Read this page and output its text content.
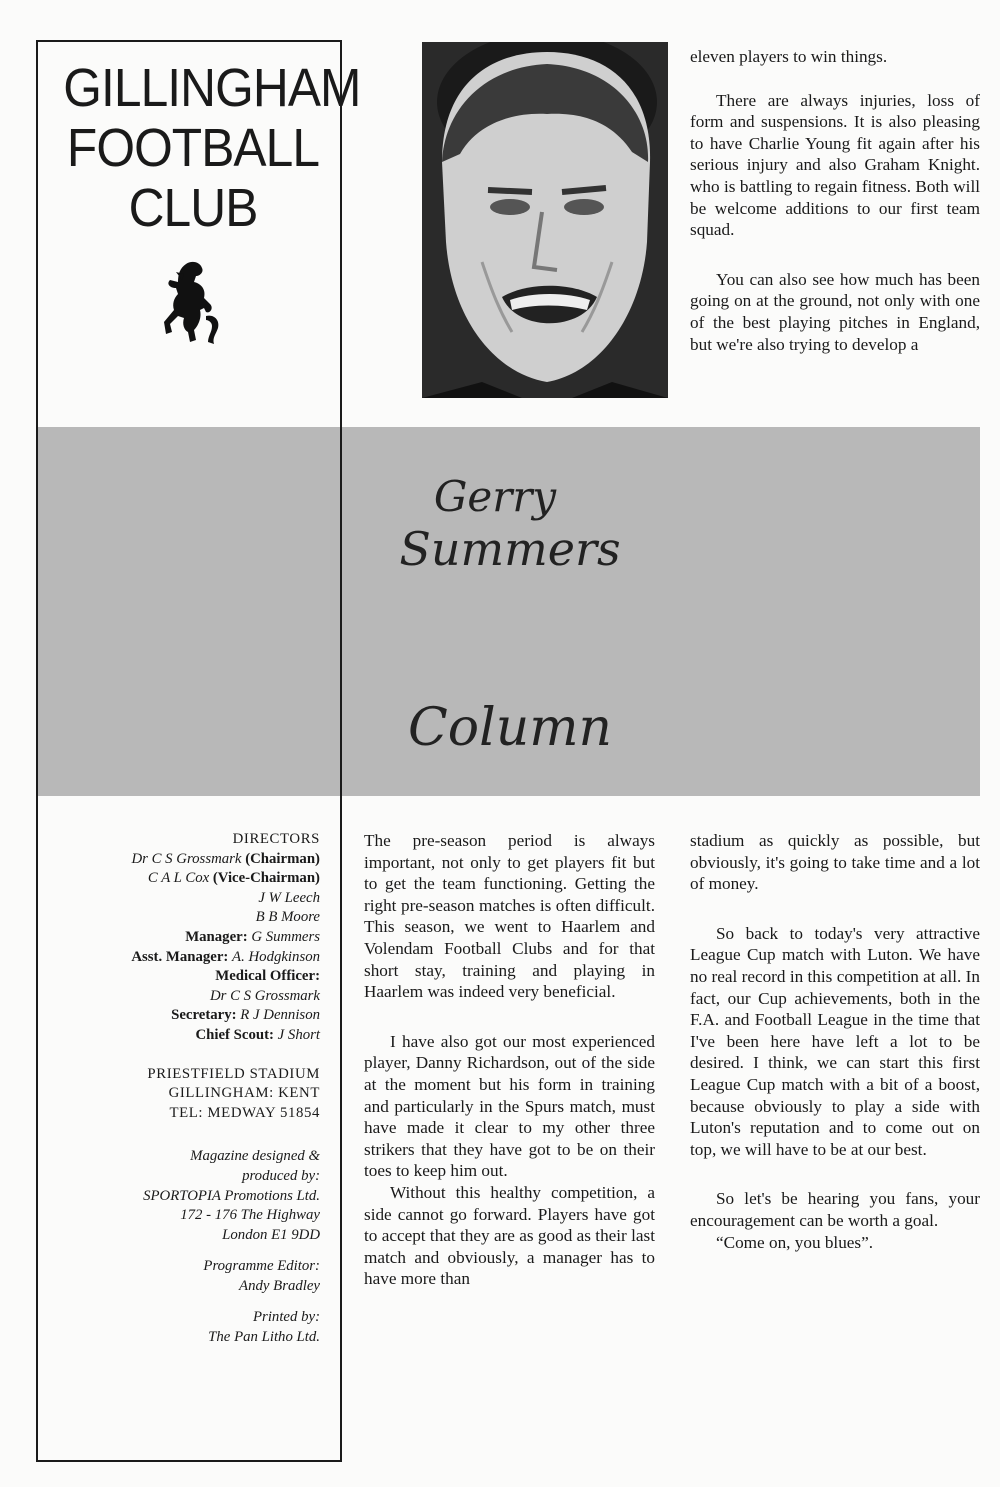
GILLINGHAM
FOOTBALL
CLUB
Gerry
Summers
Column

eleven players to win things.

There are always injuries, loss of form and suspensions. It is also pleasing to have Charlie Young fit again after his serious injury and also Graham Knight. who is battling to regain fitness. Both will be welcome additions to our first team squad.

You can also see how much has been going on at the ground, not only with one of the best playing pitches in England, but we're also trying to develop a

DIRECTORS
Dr C S Grossmark (Chairman)
C A L Cox (Vice-Chairman)
J W Leech
B B Moore
Manager: G Summers
Asst. Manager: A. Hodgkinson
Medical Officer:
Dr C S Grossmark
Secretary: R J Dennison
Chief Scout: J Short
PRIESTFIELD STADIUM
GILLINGHAM: KENT
TEL: MEDWAY 51854
Magazine designed &
produced by:
SPORTOPIA Promotions Ltd.
172 - 176 The Highway
London E1 9DD
Programme Editor:
Andy Bradley
Printed by:
The Pan Litho Ltd.

The pre-season period is always important, not only to get players fit but to get the team functioning. Getting the right pre-season matches is often difficult. This season, we went to Haarlem and Volendam Football Clubs and for that short stay, training and playing in Haarlem was indeed very beneficial.

I have also got our most experienced player, Danny Richardson, out of the side at the moment but his form in training and particularly in the Spurs match, must have made it clear to my other three strikers that they have got to be on their toes to keep him out.

Without this healthy competition, a side cannot go forward. Players have got to accept that they are as good as their last match and obviously, a manager has to have more than

stadium as quickly as possible, but obviously, it's going to take time and a lot of money.

So back to today's very attractive League Cup match with Luton. We have no real record in this competition at all. In fact, our Cup achievements, both in the F.A. and Football League in the time that I've been here have left a lot to be desired. I think, we can start this first League Cup match with a bit of a boost, because obviously to play a side with Luton's reputation and to come out on top, we will have to be at our best.

So let's be hearing you fans, your encouragement can be worth a goal.

“Come on, you blues”.
